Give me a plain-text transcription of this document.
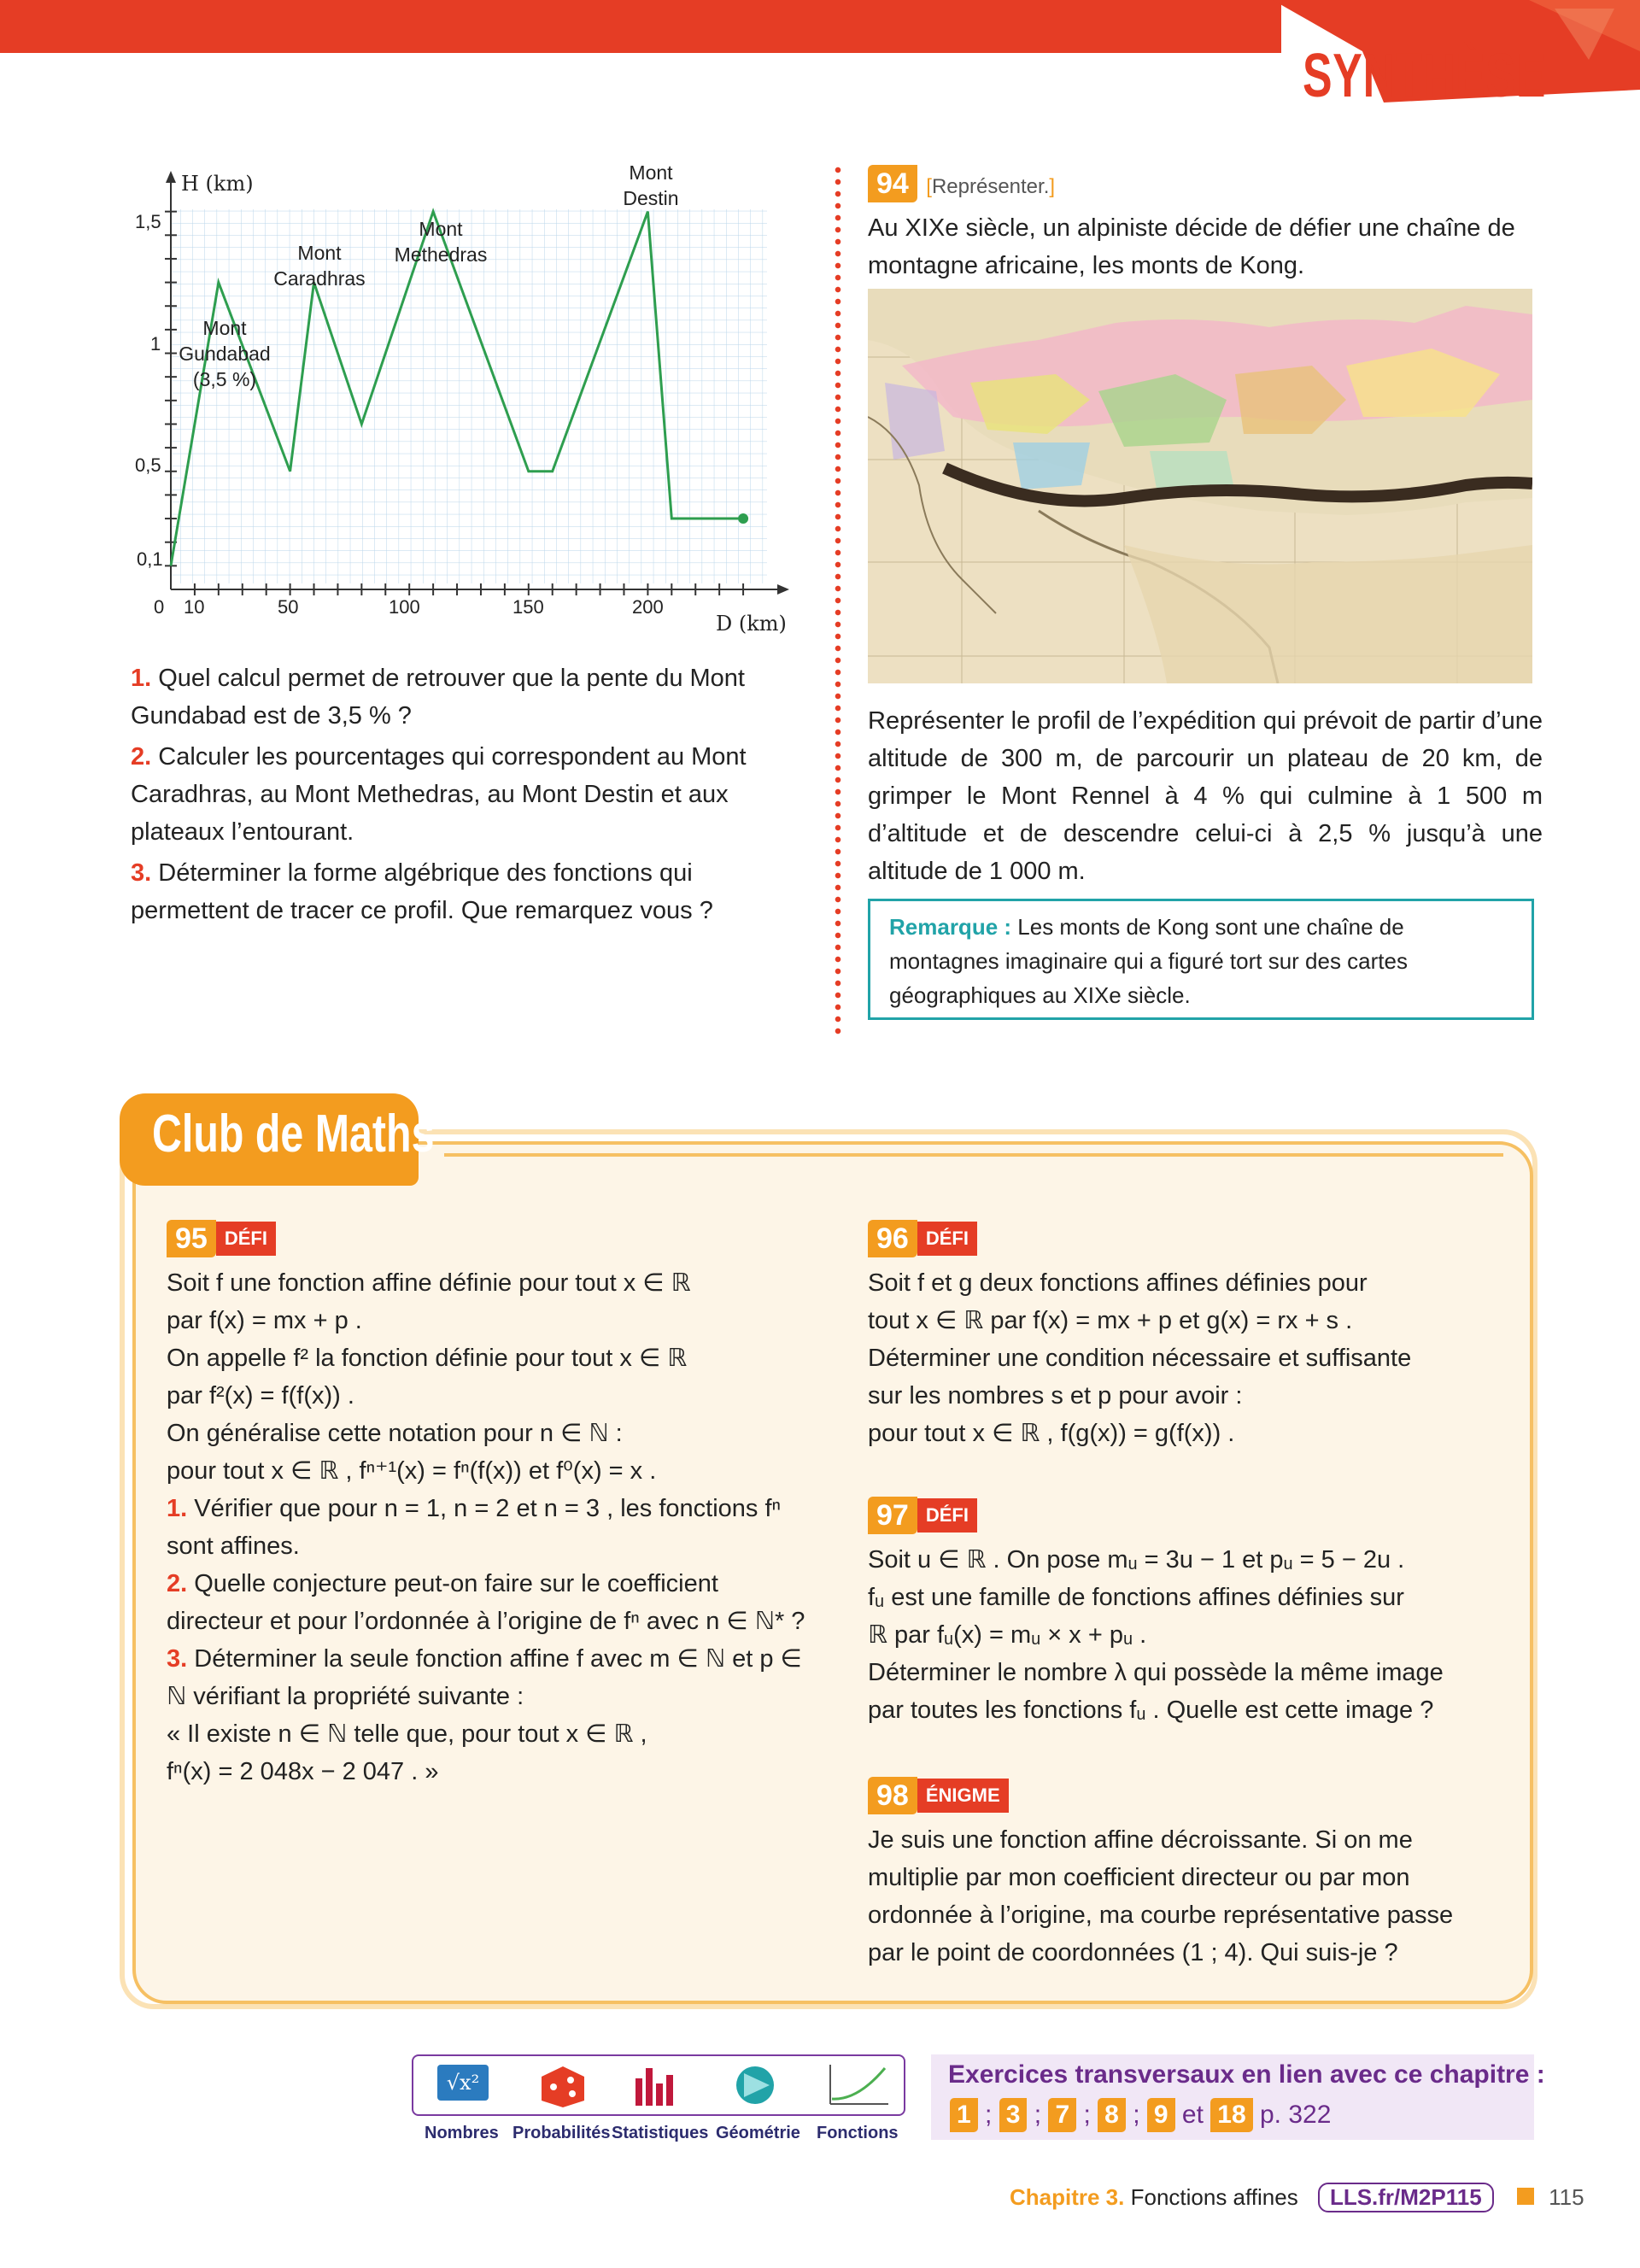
SYNTHÈSE
H (km)
D (km)
0 10	50	100	150	200
0,1
0,5
1
1,5
Mont
Gundabad
(3,5 %)
Mont
Caradhras
Mont
Methedras
Mont
Destin
1. Quel calcul permet de retrouver que la pente du Mont Gundabad est de 3,5 % ?
2. Calculer les pourcentages qui correspondent au Mont Caradhras, au Mont Methedras, au Mont Destin et aux plateaux l’entourant.
3. Déterminer la forme algébrique des fonctions qui permettent de tracer ce profil. Que remarquez vous ?
94 [Représenter.]
Au XIXe siècle, un alpiniste décide de défier une chaîne de montagne africaine, les monts de Kong.
Représenter le profil de l’expédition qui prévoit de partir d’une altitude de 300 m, de parcourir un plateau de 20 km, de grimper le Mont Rennel à 4 % qui culmine à 1 500 m d’altitude et de descendre celui-ci à 2,5 % jusqu’à une altitude de 1 000 m.
Remarque : Les monts de Kong sont une chaîne de montagnes imaginaire qui a figuré tort sur des cartes géographiques au XIXe siècle.
Club de Maths
95 DÉFI
Soit f une fonction affine définie pour tout x ∈ ℝ
par f(x) = mx + p .
On appelle f² la fonction définie pour tout x ∈ ℝ
par f²(x) = f(f(x)) .
On généralise cette notation pour n ∈ ℕ :
pour tout x ∈ ℝ , fⁿ⁺¹(x) = fⁿ(f(x)) et f⁰(x) = x .
1. Vérifier que pour n = 1, n = 2 et n = 3 , les fonctions fⁿ sont affines.
2. Quelle conjecture peut-on faire sur le coefficient directeur et pour l’ordonnée à l’origine de fⁿ avec n ∈ ℕ* ?
3. Déterminer la seule fonction affine f avec m ∈ ℕ et p ∈ ℕ vérifiant la propriété suivante :
« Il existe n ∈ ℕ telle que, pour tout x ∈ ℝ ,
fⁿ(x) = 2 048x − 2 047 . »
96 DÉFI
Soit f et g deux fonctions affines définies pour
tout x ∈ ℝ par f(x) = mx + p et g(x) = rx + s .
Déterminer une condition nécessaire et suffisante
sur les nombres s et p pour avoir :
pour tout x ∈ ℝ , f(g(x)) = g(f(x)) .
97 DÉFI
Soit u ∈ ℝ . On pose mᵤ = 3u − 1 et pᵤ = 5 − 2u .
fᵤ est une famille de fonctions affines définies sur
ℝ par fᵤ(x) = mᵤ × x + pᵤ .
Déterminer le nombre λ qui possède la même image
par toutes les fonctions fᵤ . Quelle est cette image ?
98 ÉNIGME
Je suis une fonction affine décroissante. Si on me
multiplie par mon coefficient directeur ou par mon
ordonnée à l’origine, ma courbe représentative passe
par le point de coordonnées (1 ; 4). Qui suis-je ?
√x²
Nombres Probabilités Statistiques Géométrie Fonctions
Exercices transversaux en lien avec ce chapitre :
1 ; 3 ; 7 ; 8 ; 9 et 18 p. 322
Chapitre 3. Fonctions affines LLS.fr/M2P115	115
